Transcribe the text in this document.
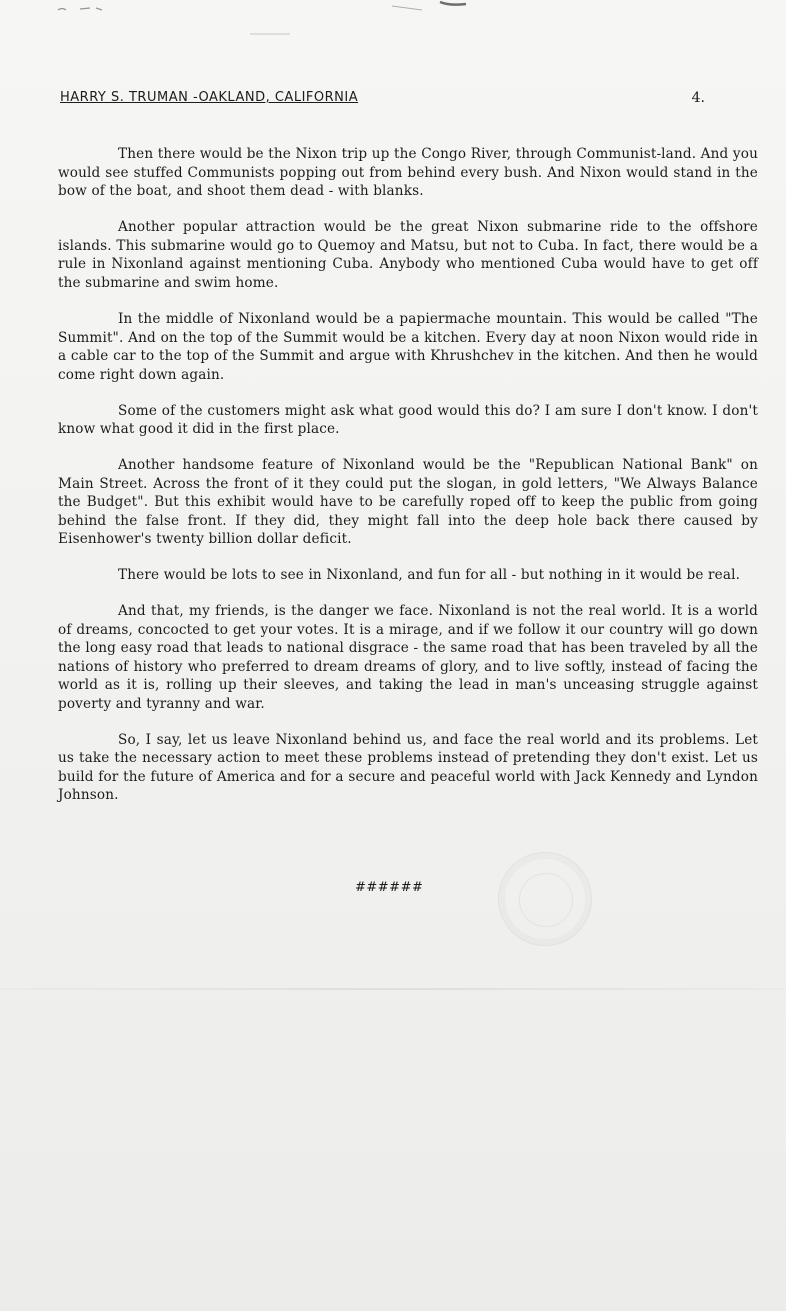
HARRY S. TRUMAN -OAKLAND, CALIFORNIA	4.

Then there would be the Nixon trip up the Congo River, through Communist-land. And you would see stuffed Communists popping out from behind every bush. And Nixon would stand in the bow of the boat, and shoot them dead - with blanks.

Another popular attraction would be the great Nixon submarine ride to the offshore islands. This submarine would go to Quemoy and Matsu, but not to Cuba. In fact, there would be a rule in Nixonland against mentioning Cuba. Anybody who mentioned Cuba would have to get off the submarine and swim home.

In the middle of Nixonland would be a papiermache mountain. This would be called "The Summit". And on the top of the Summit would be a kitchen. Every day at noon Nixon would ride in a cable car to the top of the Summit and argue with Khrushchev in the kitchen. And then he would come right down again.

Some of the customers might ask what good would this do? I am sure I don't know. I don't know what good it did in the first place.

Another handsome feature of Nixonland would be the "Republican National Bank" on Main Street. Across the front of it they could put the slogan, in gold letters, "We Always Balance the Budget". But this exhibit would have to be carefully roped off to keep the public from going behind the false front. If they did, they might fall into the deep hole back there caused by Eisenhower's twenty billion dollar deficit.

There would be lots to see in Nixonland, and fun for all - but nothing in it would be real.

And that, my friends, is the danger we face. Nixonland is not the real world. It is a world of dreams, concocted to get your votes. It is a mirage, and if we follow it our country will go down the long easy road that leads to national disgrace - the same road that has been traveled by all the nations of history who preferred to dream dreams of glory, and to live softly, instead of facing the world as it is, rolling up their sleeves, and taking the lead in man's unceasing struggle against poverty and tyranny and war.

So, I say, let us leave Nixonland behind us, and face the real world and its problems. Let us take the necessary action to meet these problems instead of pretending they don't exist. Let us build for the future of America and for a secure and peaceful world with Jack Kennedy and Lyndon Johnson.

######
